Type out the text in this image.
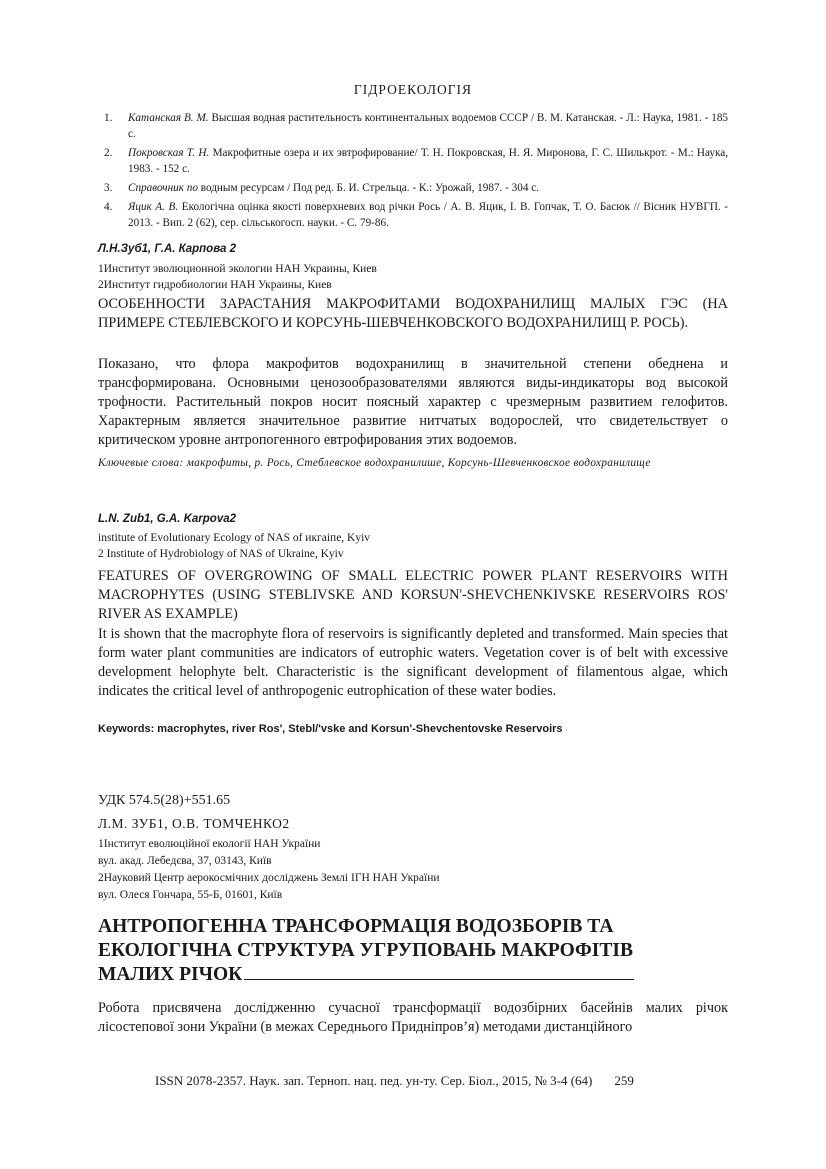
ГІДРОЕКОЛОГІЯ
1. Катанская В. М. Высшая водная растительность континентальных водоемов СССР / В. М. Катанская. - Л.: Наука, 1981. - 185 с.
2. Покровская Т. Н. Макрофитные озера и их эвтрофирование/ Т. Н. Покровская, Н. Я. Миронова, Г. С. Шилькрот. - М.: Наука, 1983. - 152 с.
3. Справочник по водным ресурсам / Под ред. Б. И. Стрельца. - К.: Урожай, 1987. - 304 с.
4. Яцик А. В. Екологічна оцінка якості поверхневих вод річки Рось / А. В. Яцик, І. В. Гопчак, Т. О. Басюк // Вісник НУВГП. - 2013. - Вип. 2 (62), сер. сільськогосп. науки. - С. 79-86.
Л.Н.Зуб1, Г.А. Карпова 2
1Институт эволюционной экологии НАН Украины, Киев
2Институт гидробиологии НАН Украины, Киев

ОСОБЕННОСТИ ЗАРАСТАНИЯ МАКРОФИТАМИ ВОДОХРАНИЛИЩ МАЛЫХ ГЭС (НА ПРИМЕРЕ СТЕБЛЕВСКОГО И КОРСУНЬ-ШЕВЧЕНКОВСКОГО ВОДОХРАНИЛИЩ Р. РОСЬ).

Показано, что флора макрофитов водохранилищ в значительной степени обеднена и трансформирована. Основными ценозообразователями являются виды-индикаторы вод высокой трофности. Растительный покров носит поясный характер с чрезмерным развитием гелофитов. Характерным является значительное развитие нитчатых водорослей, что свидетельствует о критическом уровне антропогенного евтрофирования этих водоемов.

Ключевые слова: макрофиты, р. Рось, Стеблевское водохранилише, Корсунь-Шевченковское водохранилище

L.N. Zub1, G.A. Karpova2
institute of Evolutionary Ecology of NAS of икгаіпе, Kyiv
2 Institute of Hydrobiology of NAS of Ukraine, Kyiv

FEATURES OF OVERGROWING OF SMALL ELECTRIC POWER PLANT RESERVOIRS WITH MACROPHYTES (USING STEBLIVSKE AND KORSUN'-SHEVCHENKIVSKE RESERVOIRS ROS' RIVER AS EXAMPLE)

It is shown that the macrophyte flora of reservoirs is significantly depleted and transformed. Main species that form water plant communities are indicators of eutrophic waters. Vegetation cover is of belt with excessive development helophyte belt. Characteristic is the significant development of filamentous algae, which indicates the critical level of anthropogenic eutrophication of these water bodies.

Keywords: macrophytes, river Ros', Stebl/'vske and Korsun'-Shevchentovske Reservoirs

УДК 574.5(28)+551.65
Л.М. ЗУБ1, О.В. ТОМЧЕНКО2
1Інститут еволюційної екології НАН України
вул. акад. Лебедєва, 37, 03143, Київ
2Науковий Центр аерокосмічних досліджень Землі ІГН НАН України
вул. Олеся Гончара, 55-Б, 01601, Київ
АНТРОПОГЕННА ТРАНСФОРМАЦІЯ ВОДОЗБОРІВ ТА
ЕКОЛОГІЧНА СТРУКТУРА УГРУПОВАНЬ МАКРОФІТІВ
МАЛИХ РІЧОК

Робота присвячена дослідженню сучасної трансформації водозбірних басейнів малих річок лісостепової зони України (в межах Середнього Придніпров’я) методами дистанційного

ISSN 2078-2357. Наук. зап. Терноп. нац. пед. ун-ту. Сер. Біол., 2015, № 3-4 (64) 259
